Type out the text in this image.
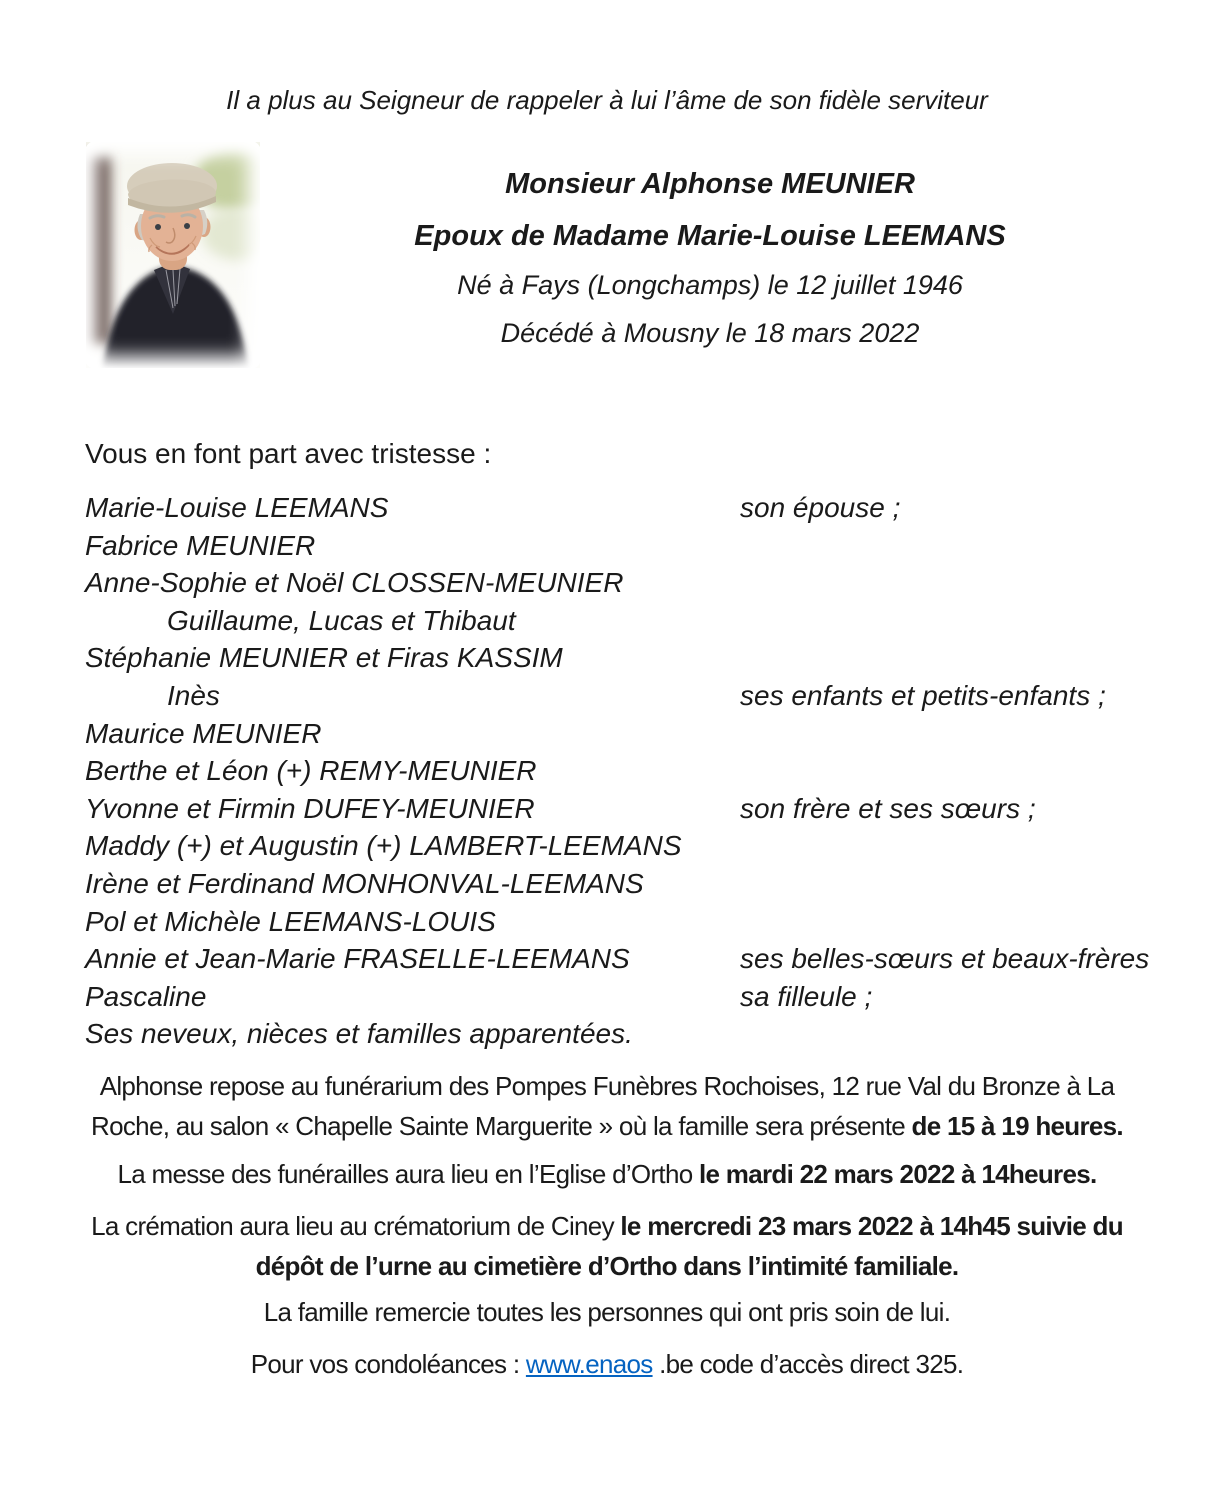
Il a plus au Seigneur de rappeler à lui l’âme de son fidèle serviteur
Monsieur Alphonse MEUNIER
Epoux de Madame Marie-Louise LEEMANS
Né à Fays (Longchamps) le 12 juillet 1946
Décédé à Mousny le 18 mars 2022
Vous en font part avec tristesse :
Marie-Louise LEEMANS	son épouse ;
Fabrice MEUNIER
Anne-Sophie et Noël CLOSSEN-MEUNIER
Guillaume, Lucas et Thibaut
Stéphanie MEUNIER et Firas KASSIM
Inès	ses enfants et petits-enfants ;
Maurice MEUNIER
Berthe et Léon (+) REMY-MEUNIER
Yvonne et Firmin DUFEY-MEUNIER	son frère et ses sœurs ;
Maddy (+) et Augustin (+) LAMBERT-LEEMANS
Irène et Ferdinand MONHONVAL-LEEMANS
Pol et Michèle LEEMANS-LOUIS
Annie et Jean-Marie FRASELLE-LEEMANS	ses belles-sœurs et beaux-frères
Pascaline	sa filleule ;
Ses neveux, nièces et familles apparentées.

Alphonse repose au funérarium des Pompes Funèbres Rochoises, 12 rue Val du Bronze à La Roche, au salon « Chapelle Sainte Marguerite » où la famille sera présente de 15 à 19 heures.

La messe des funérailles aura lieu en l’Eglise d’Ortho le mardi 22 mars 2022 à 14heures.

La crémation aura lieu au crématorium de Ciney le mercredi 23 mars 2022 à 14h45 suivie du dépôt de l’urne au cimetière d’Ortho dans l’intimité familiale.

La famille remercie toutes les personnes qui ont pris soin de lui.

Pour vos condoléances : www.enaos .be code d’accès direct 325.
